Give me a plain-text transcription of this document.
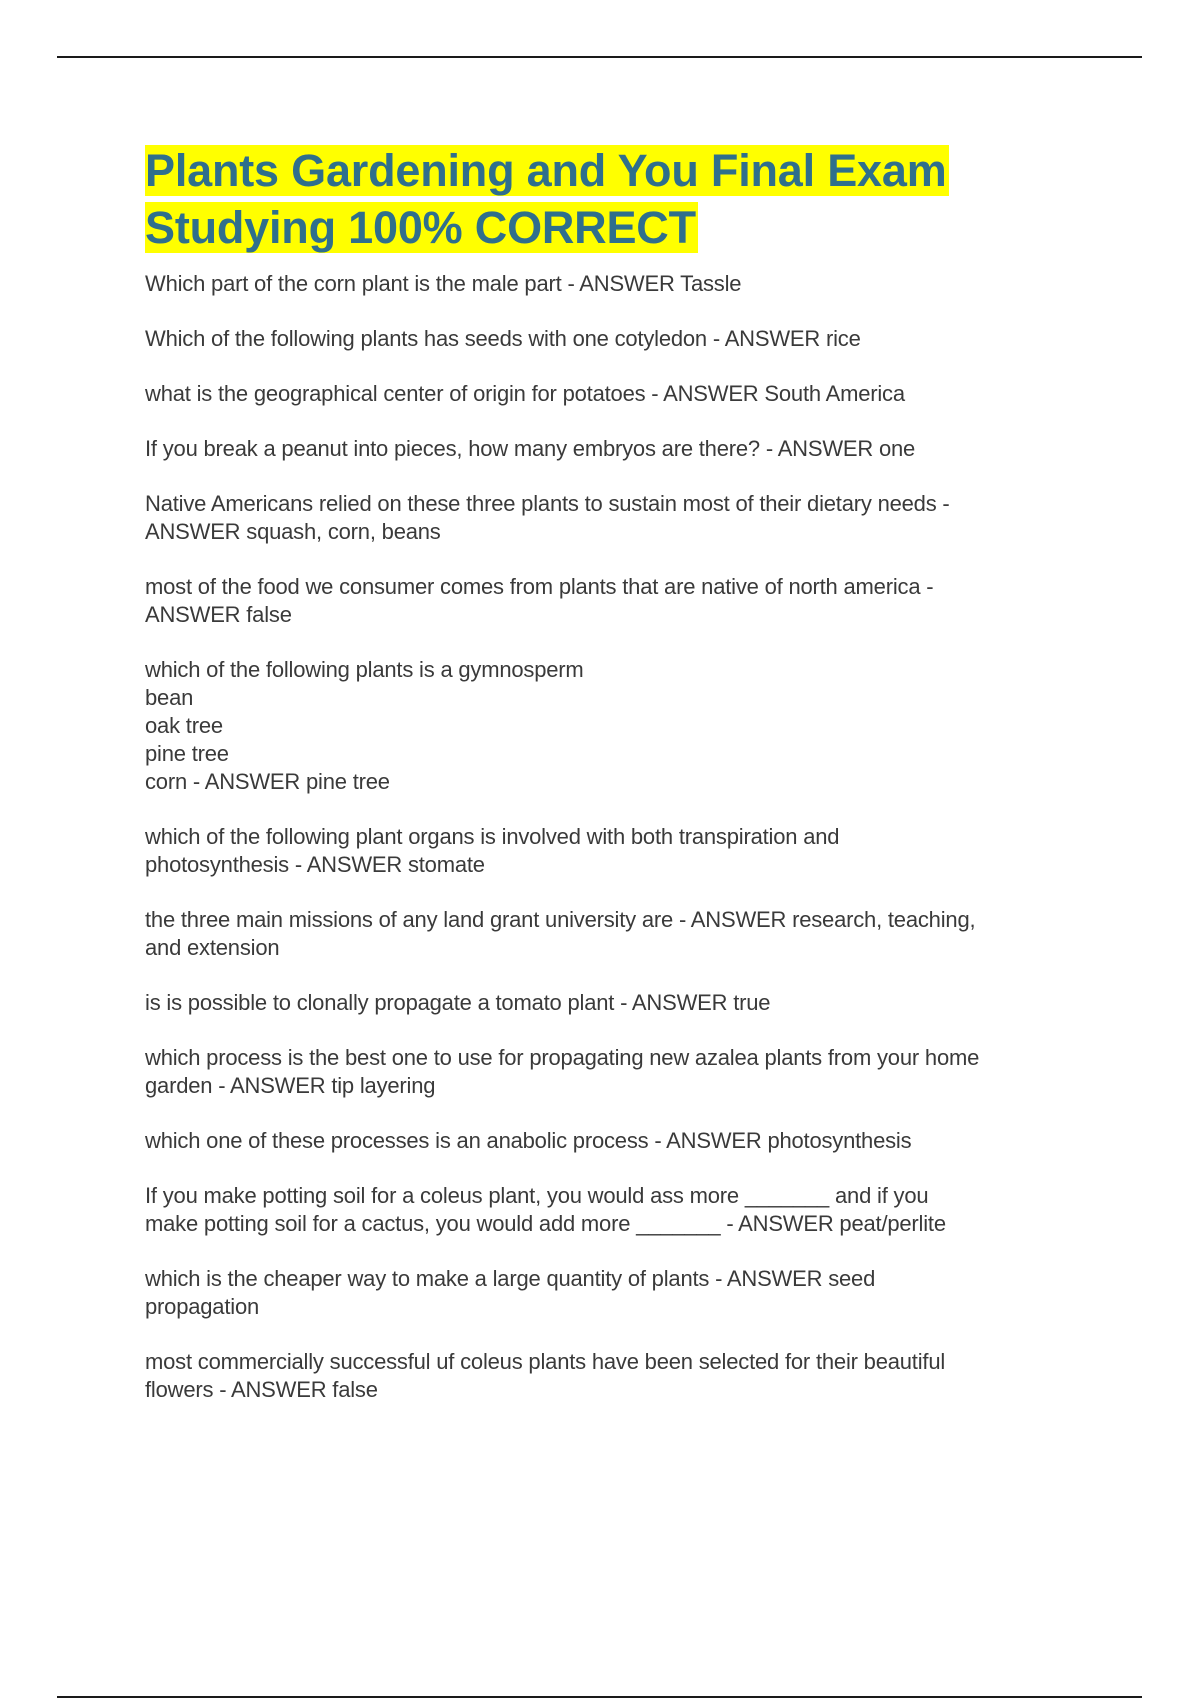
Plants Gardening and You Final Exam
Studying 100% CORRECT
Which part of the corn plant is the male part - ANSWER Tassle
Which of the following plants has seeds with one cotyledon - ANSWER rice
what is the geographical center of origin for potatoes - ANSWER South America
If you break a peanut into pieces, how many embryos are there? - ANSWER one
Native Americans relied on these three plants to sustain most of their dietary needs -
ANSWER squash, corn, beans
most of the food we consumer comes from plants that are native of north america -
ANSWER false
which of the following plants is a gymnosperm
bean
oak tree
pine tree
corn - ANSWER pine tree
which of the following plant organs is involved with both transpiration and
photosynthesis - ANSWER stomate
the three main missions of any land grant university are - ANSWER research, teaching,
and extension
is is possible to clonally propagate a tomato plant - ANSWER true
which process is the best one to use for propagating new azalea plants from your home
garden - ANSWER tip layering
which one of these processes is an anabolic process - ANSWER photosynthesis
If you make potting soil for a coleus plant, you would ass more _______ and if you
make potting soil for a cactus, you would add more _______ - ANSWER peat/perlite
which is the cheaper way to make a large quantity of plants - ANSWER seed
propagation
most commercially successful uf coleus plants have been selected for their beautiful
flowers - ANSWER false
